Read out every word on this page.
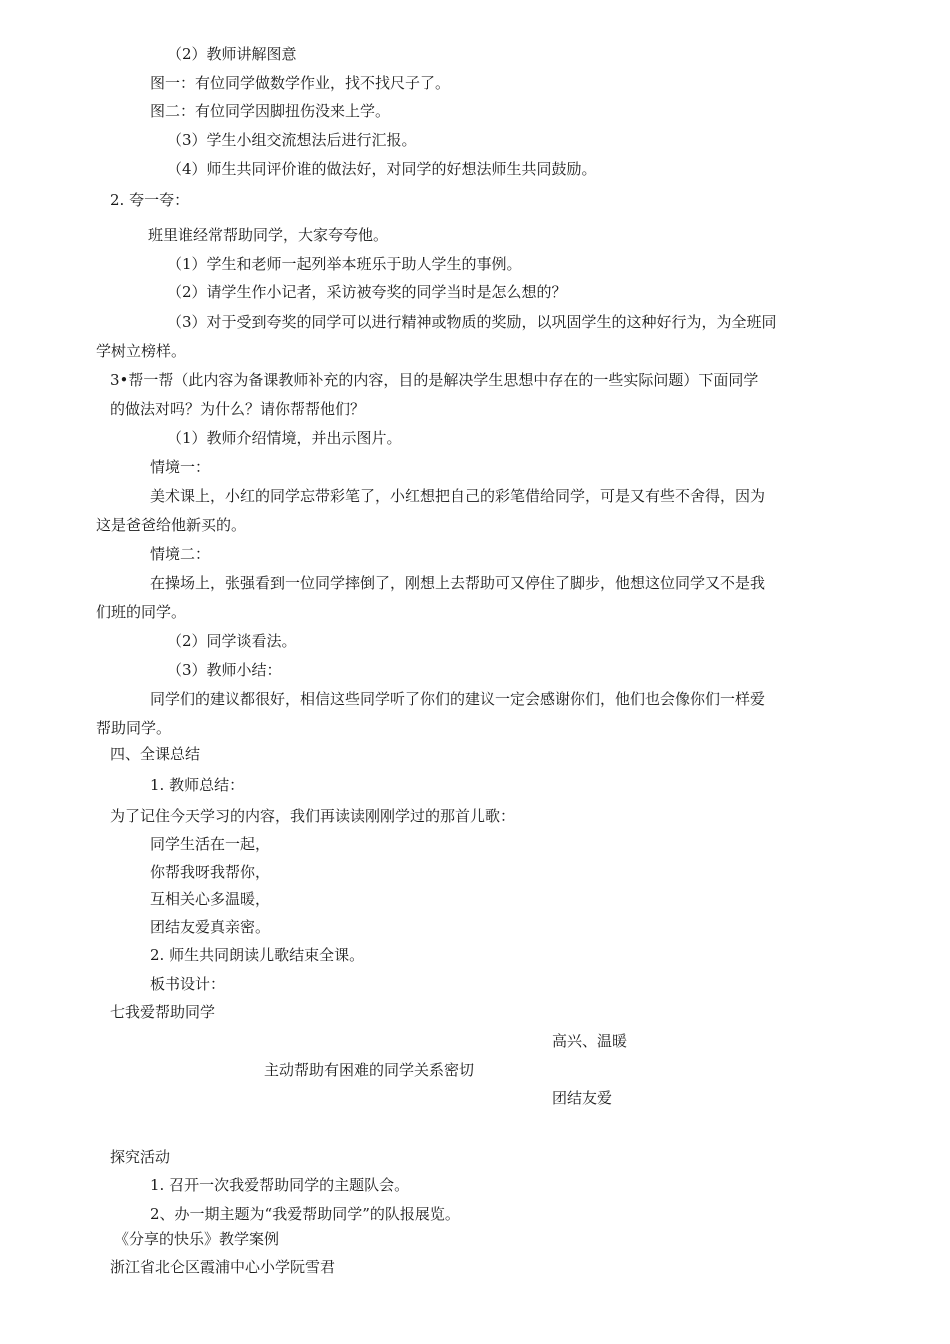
（2）教师讲解图意
图一：有位同学做数学作业，找不找尺子了。
图二：有位同学因脚扭伤没来上学。
（3）学生小组交流想法后进行汇报。
（4）师生共同评价谁的做法好，对同学的好想法师生共同鼓励。
2. 夸一夸：
班里谁经常帮助同学，大家夸夸他。
（1）学生和老师一起列举本班乐于助人学生的事例。
（2）请学生作小记者，采访被夸奖的同学当时是怎么想的？
（3）对于受到夸奖的同学可以进行精神或物质的奖励，以巩固学生的这种好行为，为全班同
学树立榜样。
3•帮一帮（此内容为备课教师补充的内容，目的是解决学生思想中存在的一些实际问题）下面同学
的做法对吗？为什么？请你帮帮他们？
（1）教师介绍情境，并出示图片。
情境一：
美术课上，小红的同学忘带彩笔了，小红想把自己的彩笔借给同学，可是又有些不舍得，因为
这是爸爸给他新买的。
情境二：
在操场上，张强看到一位同学摔倒了，刚想上去帮助可又停住了脚步，他想这位同学又不是我
们班的同学。
（2）同学谈看法。
（3）教师小结：
同学们的建议都很好，相信这些同学听了你们的建议一定会感谢你们，他们也会像你们一样爱
帮助同学。
四、全课总结
1. 教师总结：
为了记住今天学习的内容，我们再读读刚刚学过的那首儿歌：
同学生活在一起，
你帮我呀我帮你，
互相关心多温暖，
团结友爱真亲密。
2. 师生共同朗读儿歌结束全课。
板书设计：
七我爱帮助同学
高兴、温暖
主动帮助有困难的同学关系密切
团结友爱
探究活动
1. 召开一次我爱帮助同学的主题队会。
2、办一期主题为“我爱帮助同学”的队报展览。
《分享的快乐》教学案例
浙江省北仑区霞浦中心小学阮雪君
